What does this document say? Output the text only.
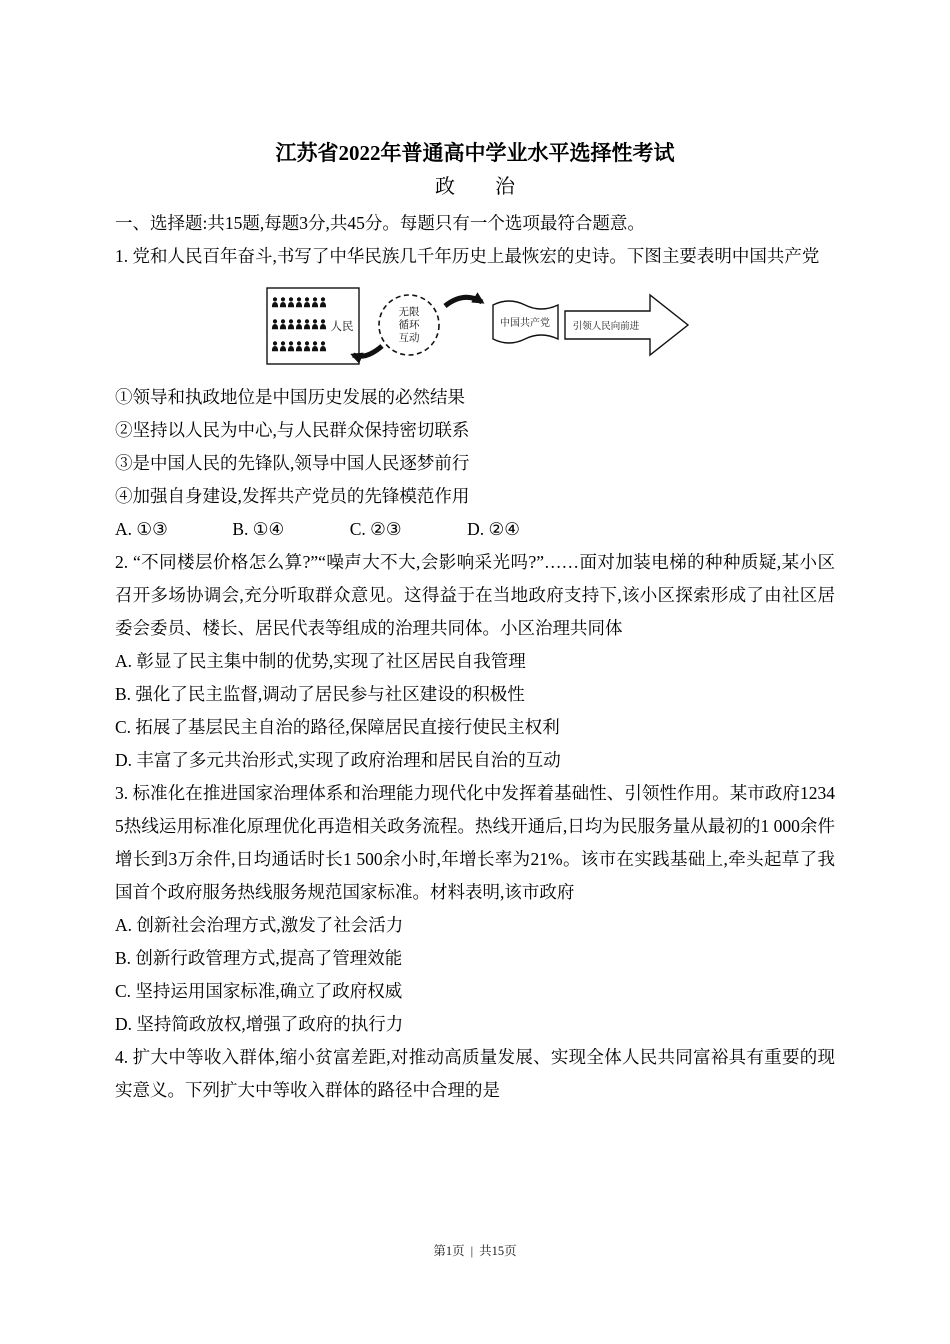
江苏省2022年普通高中学业水平选择性考试
政　　治

一、选择题:共15题,每题3分,共45分。每题只有一个选项最符合题意。

1. 党和人民百年奋斗,书写了中华民族几千年历史上最恢宏的史诗。下图主要表明中国共产党

人民
无限
循环
互动
中国共产党 引领人民向前进

①领导和执政地位是中国历史发展的必然结果

②坚持以人民为中心,与人民群众保持密切联系

③是中国人民的先锋队,领导中国人民逐梦前行

④加强自身建设,发挥共产党员的先锋模范作用

A. ①③	B. ①④	C. ②③	D. ②④

2. “不同楼层价格怎么算?”“噪声大不大,会影响采光吗?”……面对加装电梯的种种质疑,某小区召开多场协调会,充分听取群众意见。这得益于在当地政府支持下,该小区探索形成了由社区居委会委员、楼长、居民代表等组成的治理共同体。小区治理共同体

A. 彰显了民主集中制的优势,实现了社区居民自我管理

B. 强化了民主监督,调动了居民参与社区建设的积极性

C. 拓展了基层民主自治的路径,保障居民直接行使民主权利

D. 丰富了多元共治形式,实现了政府治理和居民自治的互动

3. 标准化在推进国家治理体系和治理能力现代化中发挥着基础性、引领性作用。某市政府12345热线运用标准化原理优化再造相关政务流程。热线开通后,日均为民服务量从最初的1 000余件增长到3万余件,日均通话时长1 500余小时,年增长率为21%。该市在实践基础上,牵头起草了我国首个政府服务热线服务规范国家标准。材料表明,该市政府

A. 创新社会治理方式,激发了社会活力

B. 创新行政管理方式,提高了管理效能

C. 坚持运用国家标准,确立了政府权威

D. 坚持简政放权,增强了政府的执行力

4. 扩大中等收入群体,缩小贫富差距,对推动高质量发展、实现全体人民共同富裕具有重要的现实意义。下列扩大中等收入群体的路径中合理的是

第1页 | 共15页
